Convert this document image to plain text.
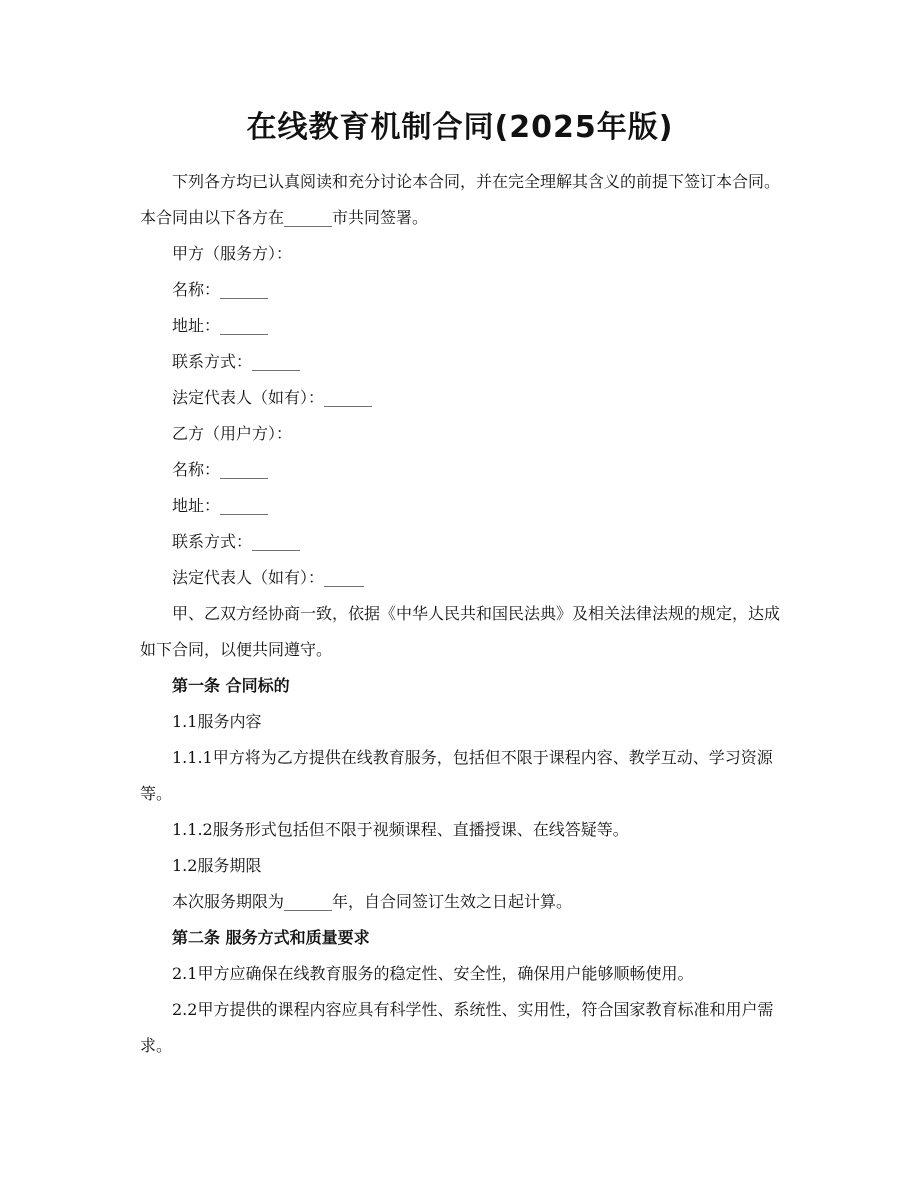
在线教育机制合同(2025年版)

下列各方均已认真阅读和充分讨论本合同，并在完全理解其含义的前提下签订本合同。本合同由以下各方在______市共同签署。

甲方（服务方）：

名称：______

地址：______

联系方式：______

法定代表人（如有）：______

乙方（用户方）：

名称：______

地址：______

联系方式：______

法定代表人（如有）：_____

甲、乙双方经协商一致，依据《中华人民共和国民法典》及相关法律法规的规定，达成如下合同，以便共同遵守。

第一条 合同标的

1.1服务内容

1.1.1甲方将为乙方提供在线教育服务，包括但不限于课程内容、教学互动、学习资源等。

1.1.2服务形式包括但不限于视频课程、直播授课、在线答疑等。

1.2服务期限

本次服务期限为______年，自合同签订生效之日起计算。

第二条 服务方式和质量要求

2.1甲方应确保在线教育服务的稳定性、安全性，确保用户能够顺畅使用。

2.2甲方提供的课程内容应具有科学性、系统性、实用性，符合国家教育标准和用户需求。
